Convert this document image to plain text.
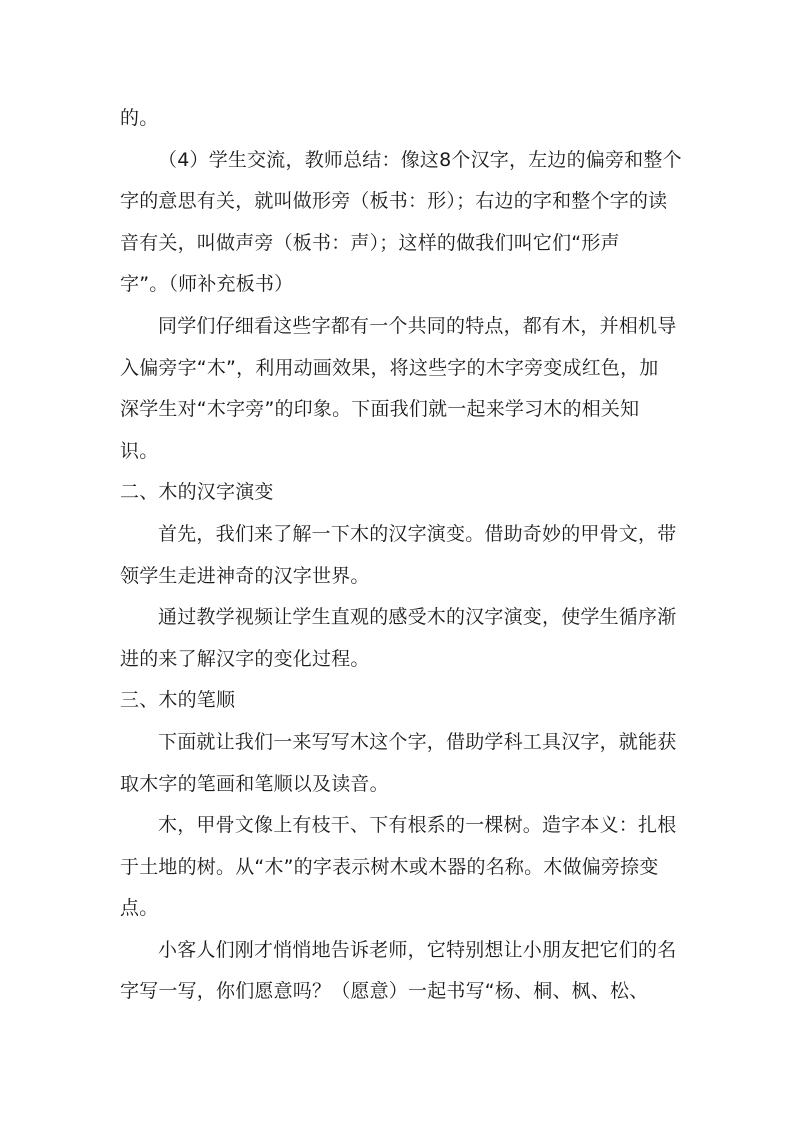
的。
（4）学生交流，教师总结：像这8个汉字，左边的偏旁和整个
字的意思有关，就叫做形旁（板书：形）；右边的字和整个字的读
音有关，叫做声旁（板书：声）；这样的做我们叫它们“形声
字”。（师补充板书）
同学们仔细看这些字都有一个共同的特点，都有木，并相机导
入偏旁字“木”，利用动画效果，将这些字的木字旁变成红色，加
深学生对“木字旁”的印象。下面我们就一起来学习木的相关知
识。
二、木的汉字演变
首先，我们来了解一下木的汉字演变。借助奇妙的甲骨文，带
领学生走进神奇的汉字世界。
通过教学视频让学生直观的感受木的汉字演变，使学生循序渐
进的来了解汉字的变化过程。
三、木的笔顺
下面就让我们一来写写木这个字，借助学科工具汉字，就能获
取木字的笔画和笔顺以及读音。
木，甲骨文像上有枝干、下有根系的一棵树。造字本义：扎根
于土地的树。从“木”的字表示树木或木器的名称。木做偏旁捺变
点。
小客人们刚才悄悄地告诉老师，它特别想让小朋友把它们的名
字写一写，你们愿意吗？（愿意）一起书写“杨、桐、枫、松、
